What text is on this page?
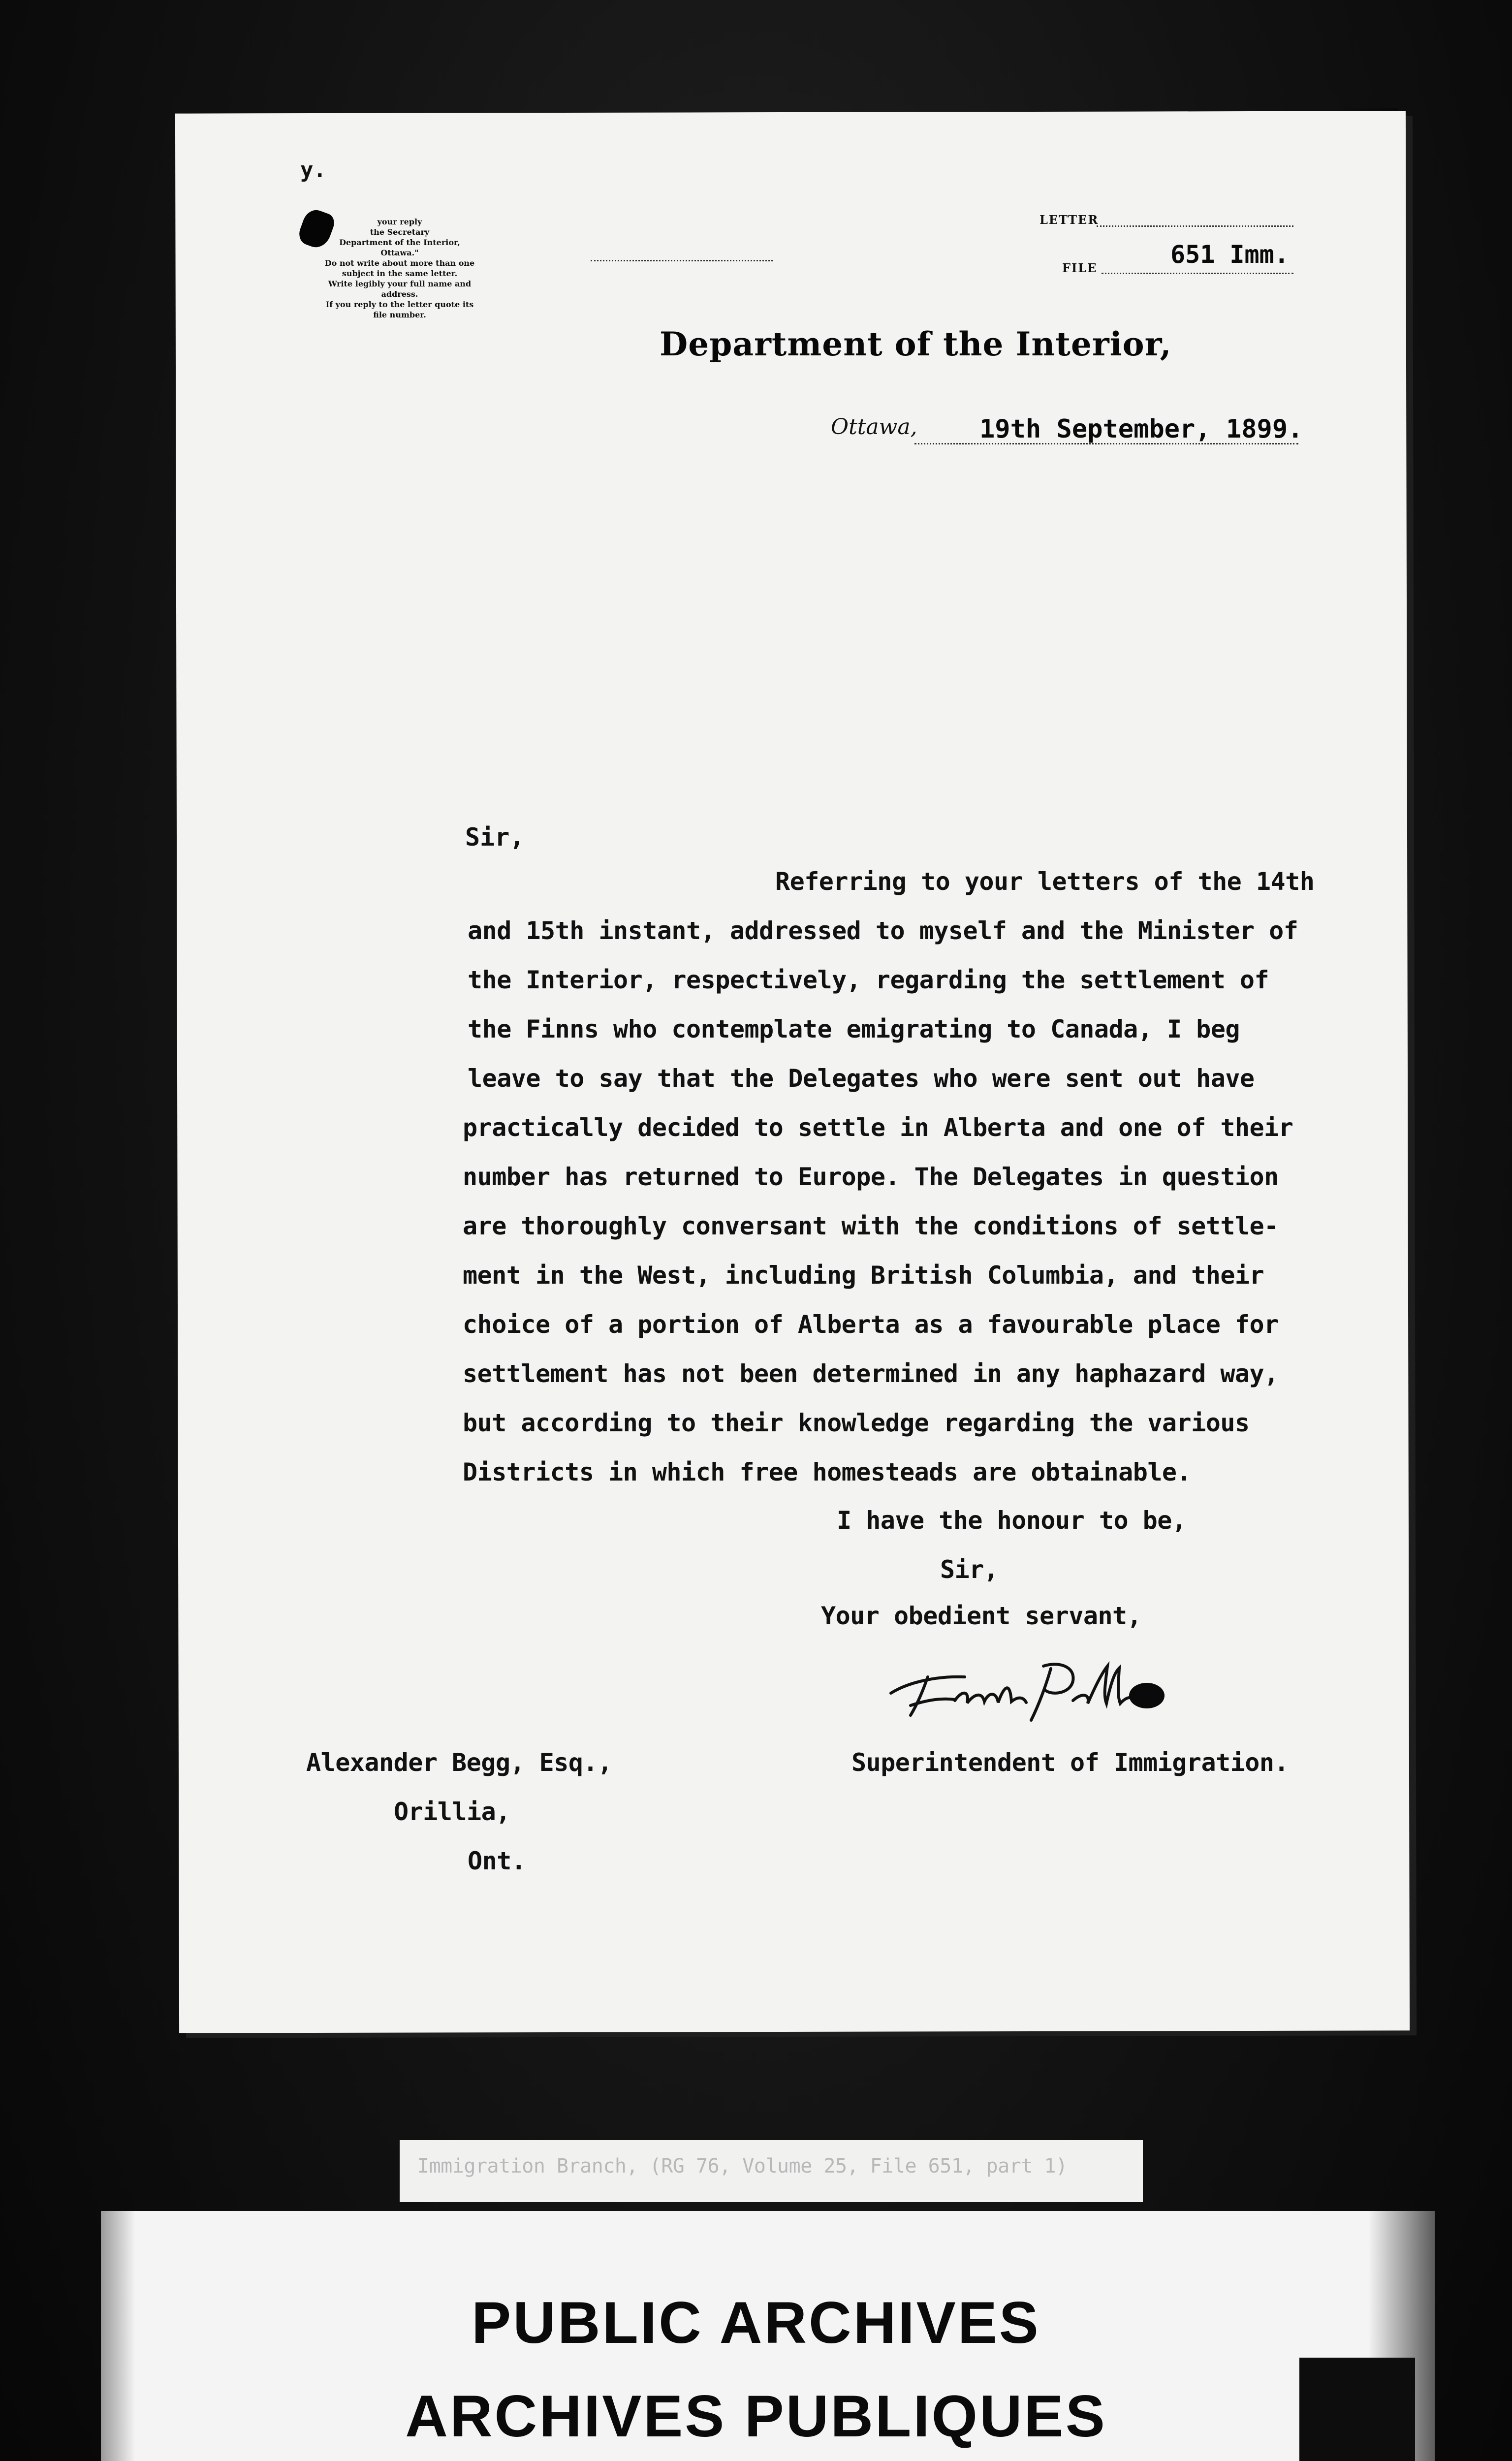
y.
your reply
the Secretary
Department of the Interior,
Ottawa."
Do not write about more than one
subject in the same letter.
Write legibly your full name and
address.
If you reply to the letter quote its
file number.
LETTER
FILE	651 Imm.
Department of the Interior,
Ottawa, 19th September, 1899.
Sir,
Referring to your letters of the 14th
and 15th instant, addressed to myself and the Minister of
the Interior, respectively, regarding the settlement of
the Finns who contemplate emigrating to Canada, I beg
leave to say that the Delegates who were sent out have
practically decided to settle in Alberta and one of their
number has returned to Europe. The Delegates in question
are thoroughly conversant with the conditions of settle-
ment in the West, including British Columbia, and their
choice of a portion of Alberta as a favourable place for
settlement has not been determined in any haphazard way,
but according to their knowledge regarding the various
Districts in which free homesteads are obtainable.
I have the honour to be,
Sir,
Your obedient servant,
Superintendent of Immigration.
Alexander Begg, Esq.,
Orillia,
Ont.
Immigration Branch, (RG 76, Volume 25, File 651, part 1)
PUBLIC ARCHIVES
ARCHIVES PUBLIQUES
